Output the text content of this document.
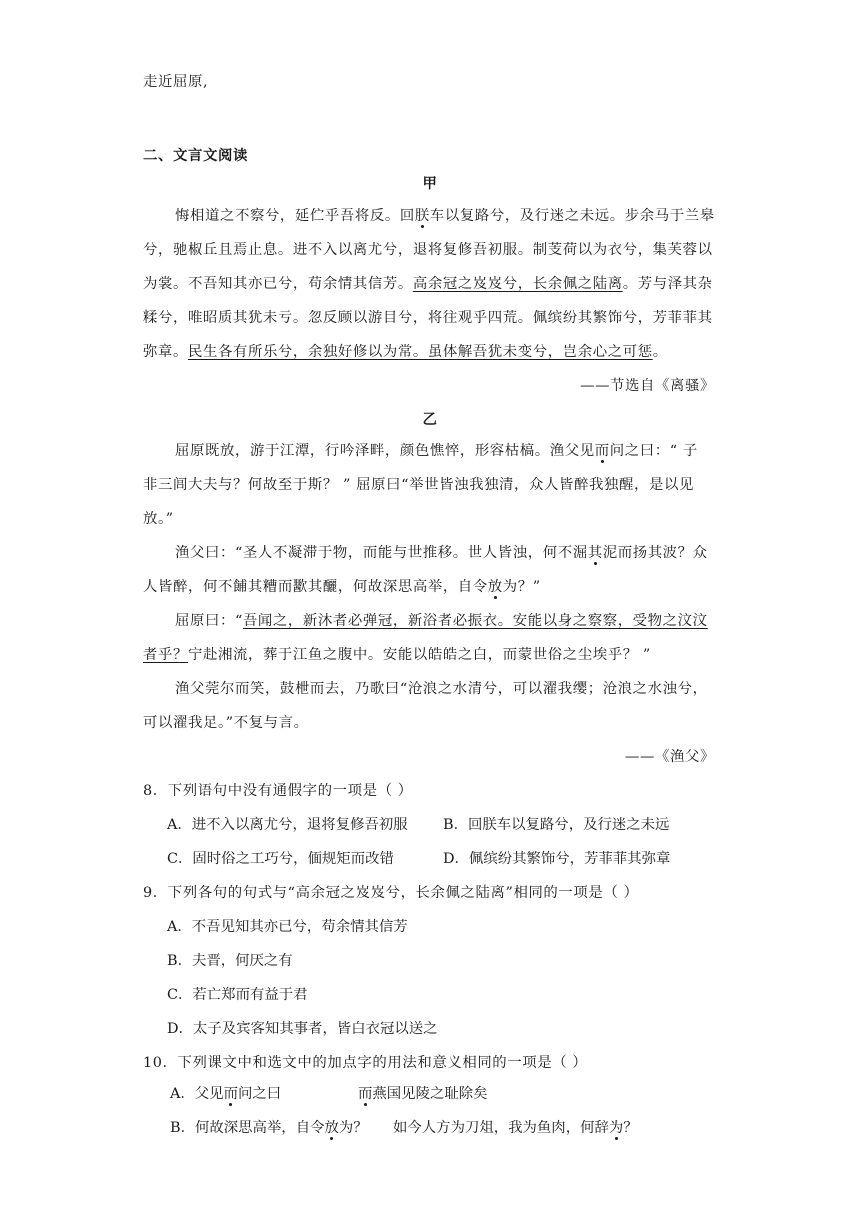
走近屈原,
二、文言文阅读
甲
悔相道之不察兮，延伫乎吾将反。回朕车以复路兮，及行迷之未远。步余马于兰皋
兮，驰椒丘且焉止息。进不入以离尤兮，退将复修吾初服。制芰荷以为衣兮，集芙蓉以
为裳。不吾知其亦已兮，苟余情其信芳。高余冠之岌岌兮，长余佩之陆离。芳与泽其杂
糅兮，唯昭质其犹未亏。忽反顾以游目兮，将往观乎四荒。佩缤纷其繁饰兮，芳菲菲其
弥章。民生各有所乐兮，余独好修以为常。虽体解吾犹未变兮，岂余心之可惩。
——节选自《离骚》
乙
屈原既放，游于江潭，行吟泽畔，颜色憔悴，形容枯槁。渔父见而问之曰：“ 子
非三闾大夫与？何故至于斯？ ” 屈原曰“举世皆浊我独清，众人皆醉我独醒，是以见
放。”
渔父曰：“圣人不凝滞于物，而能与世推移。世人皆浊，何不淈其泥而扬其波？众
人皆醉，何不餔其糟而歠其釃，何故深思高举，自令放为？”
屈原曰：“吾闻之，新沐者必弹冠，新浴者必振衣。安能以身之察察，受物之汶汶
者乎？宁赴湘流，葬于江鱼之腹中。安能以皓皓之白，而蒙世俗之尘埃乎？ ”
渔父莞尔而笑，鼓枻而去，乃歌曰“沧浪之水清兮，可以濯我缨；沧浪之水浊兮，
可以濯我足。”不复与言。
——《渔父》
8．下列语句中没有通假字的一项是（ ）
A．进不入以离尤兮，退将复修吾初服 B．回朕车以复路兮，及行迷之未远
C．固时俗之工巧兮，偭规矩而改错	D．佩缤纷其繁饰兮，芳菲菲其弥章
9．下列各句的句式与“高余冠之岌岌兮，长余佩之陆离”相同的一项是（ ）
A．不吾见知其亦已兮，苟余情其信芳
B．夫晋，何厌之有
C．若亡郑而有益于君
D．太子及宾客知其事者，皆白衣冠以送之
10．下列课文中和选文中的加点字的用法和意义相同的一项是（ ）
A．父见而问之曰	而燕国见陵之耻除矣
B．何故深思高举，自令放为？ 如今人方为刀俎，我为鱼肉，何辞为？
